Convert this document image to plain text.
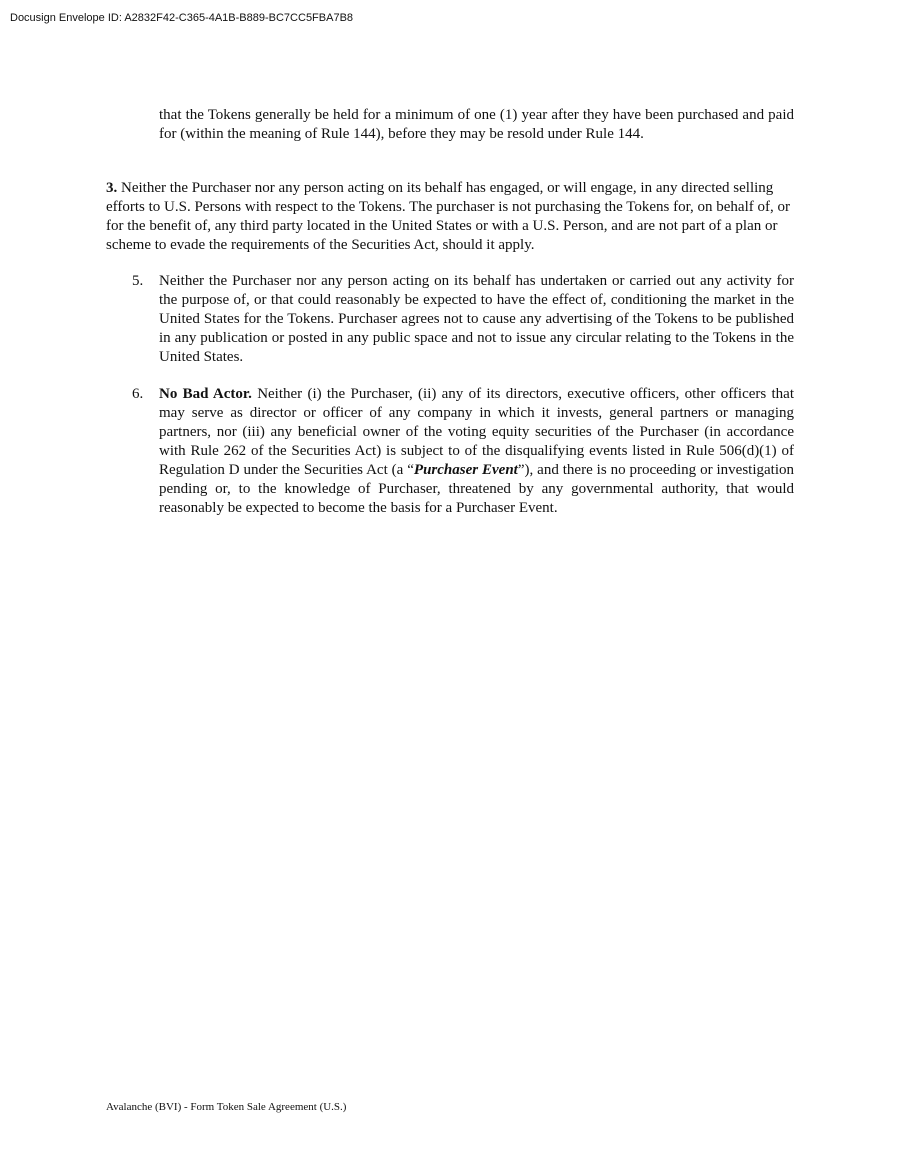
Docusign Envelope ID: A2832F42-C365-4A1B-B889-BC7CC5FBA7B8

that the Tokens generally be held for a minimum of one (1) year after they have been purchased and paid for (within the meaning of Rule 144), before they may be resold under Rule 144.

3. Neither the Purchaser nor any person acting on its behalf has engaged, or will engage, in any directed selling efforts to U.S. Persons with respect to the Tokens. The purchaser is not purchasing the Tokens for, on behalf of, or for the benefit of, any third party located in the United States or with a U.S. Person, and are not part of a plan or scheme to evade the requirements of the Securities Act, should it apply.

5.	Neither the Purchaser nor any person acting on its behalf has undertaken or carried out any activity for the purpose of, or that could reasonably be expected to have the effect of, conditioning the market in the United States for the Tokens. Purchaser agrees not to cause any advertising of the Tokens to be published in any publication or posted in any public space and not to issue any circular relating to the Tokens in the United States.

6.	No Bad Actor. Neither (i) the Purchaser, (ii) any of its directors, executive officers, other officers that may serve as director or officer of any company in which it invests, general partners or managing partners, nor (iii) any beneficial owner of the voting equity securities of the Purchaser (in accordance with Rule 262 of the Securities Act) is subject to of the disqualifying events listed in Rule 506(d)(1) of Regulation D under the Securities Act (a “Purchaser Event”), and there is no proceeding or investigation pending or, to the knowledge of Purchaser, threatened by any governmental authority, that would reasonably be expected to become the basis for a Purchaser Event.

Avalanche (BVI) - Form Token Sale Agreement (U.S.)
